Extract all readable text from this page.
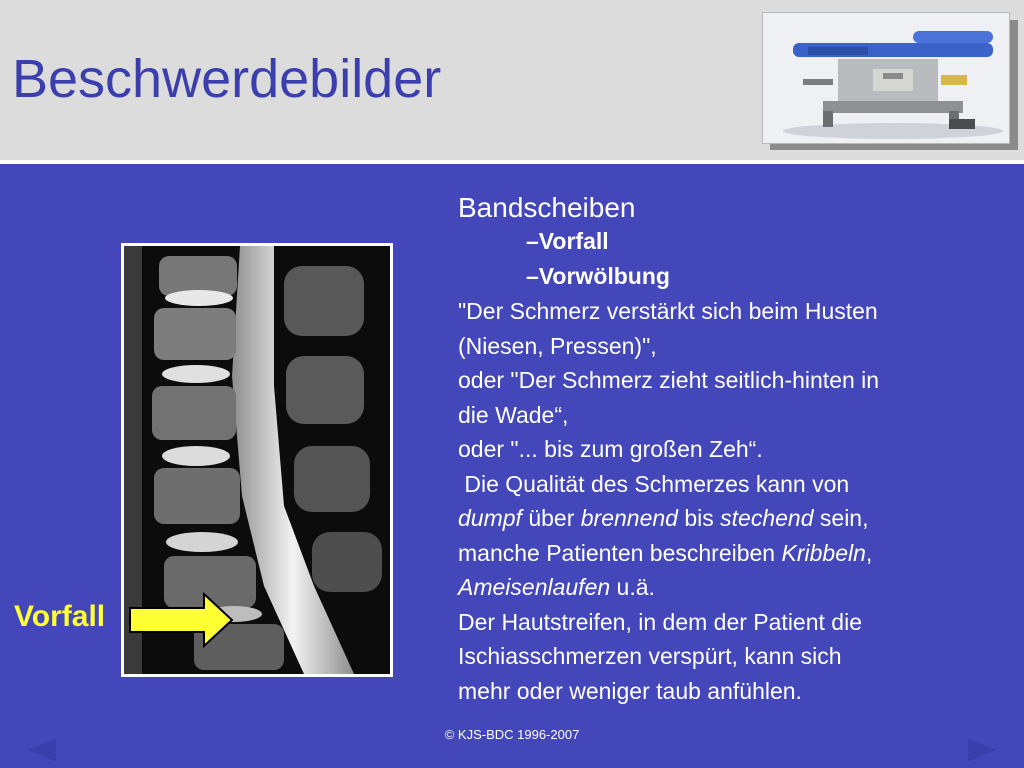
Beschwerdebilder
Vorfall
Bandscheiben
–Vorfall
–Vorwölbung
"Der Schmerz verstärkt sich beim Husten
(Niesen, Pressen)",
oder "Der Schmerz zieht seitlich-hinten in
die Wade“,
oder "... bis zum großen Zeh“.
Die Qualität des Schmerzes kann von
dumpf über brennend bis stechend sein,
manche Patienten beschreiben Kribbeln,
Ameisenlaufen u.ä.
Der Hautstreifen, in dem der Patient die
Ischiasschmerzen verspürt, kann sich
mehr oder weniger taub anfühlen.
© KJS-BDC 1996-2007
